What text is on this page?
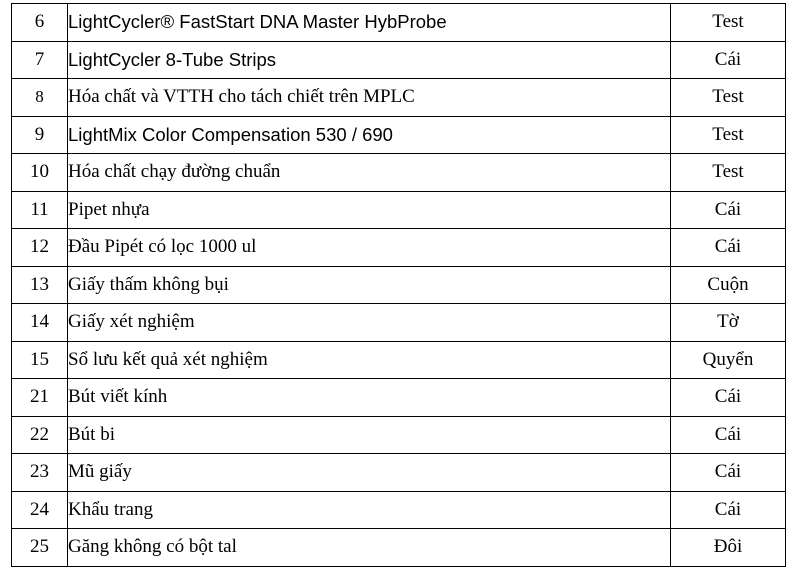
6	LightCycler® FastStart DNA Master HybProbe	Test
7	LightCycler 8-Tube Strips	Cái
8	Hóa chất và VTTH cho tách chiết trên MPLC	Test
9	LightMix Color Compensation 530 / 690	Test
10	Hóa chất chạy đường chuẩn	Test
11	Pipet nhựa	Cái
12	Đầu Pipét có lọc 1000 ul	Cái
13	Giấy thấm không bụi	Cuộn
14	Giấy xét nghiệm	Tờ
15	Sổ lưu kết quả xét nghiệm	Quyển
21	Bút viết kính	Cái
22	Bút bi	Cái
23	Mũ giấy	Cái
24	Khẩu trang	Cái
25	Găng không có bột tal	Đôi
